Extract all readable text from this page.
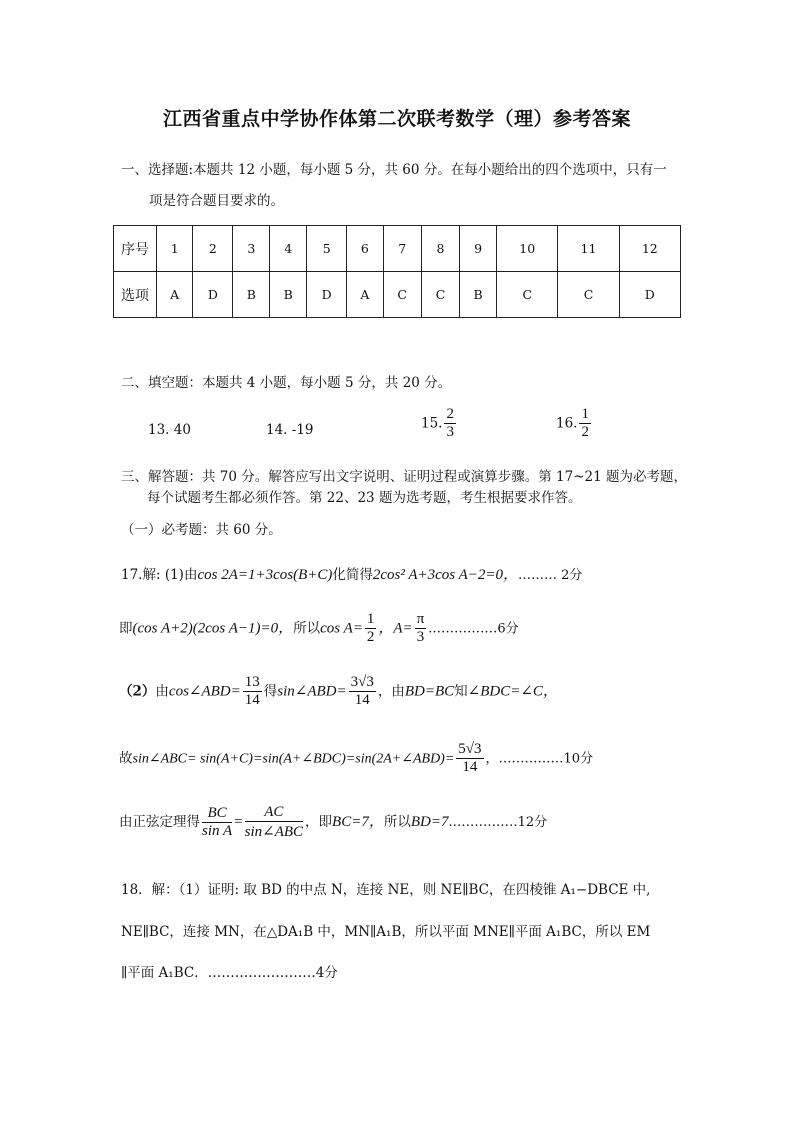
江西省重点中学协作体第二次联考数学（理）参考答案
一、选择题:本题共 12 小题，每小题 5 分，共 60 分。在每小题给出的四个选项中，只有一
项是符合题目要求的。
序号	1	2	3	4	5	6	7	8	9	10	11	12
选项	A	D	B	B	D	A	C	C	B	C	C	D
二、填空题：本题共 4 小题，每小题 5 分，共 20 分。
13. 40	14. -19	15. $\frac{2}{3}$	16. $\frac{1}{2}$
三、解答题：共 70 分。解答应写出文字说明、证明过程或演算步骤。第 17~21 题为必考题，
每个试题考生都必须作答。第 22、23 题为选考题，考生根据要求作答。
（一）必考题：共 60 分。
17.解: (1)由cos 2A=1+3cos(B+C)化简得2cos² A+3cos A−2=0，……… 2分
即(cos A+2)(2cos A−1)=0，所以$\cos A= \frac{1}{2}$ ，$A= \frac{\pi}{3}$ .……………6分
（2）由cos∠ABD= $\frac{13}{14}$ 得sin∠ABD= $\frac{3√3}{14}$ ，由BD=BC知∠BDC=∠C，
故sin∠ABC= sin(A+C)=sin(A+∠BDC)=sin(2A+∠ABD)= $\frac{5√3}{14}$ ，……………10分
由正弦定理得 $\frac{BC}{\text{sin A}} = \frac{AC}{\text{sin∠ABC}}$ ，即BC=7，所以BD=7.……………12分
18．解：（1）证明: 取 BD 的中点 N，连接 NE，则 NE∥BC，在四棱锥 A₁−DBCE 中,
NE∥BC，连接 MN，在△DA₁B 中，MN∥A₁B，所以平面 MNE∥平面 A₁BC，所以 EM
∥平面 A₁BC．……………………4分
